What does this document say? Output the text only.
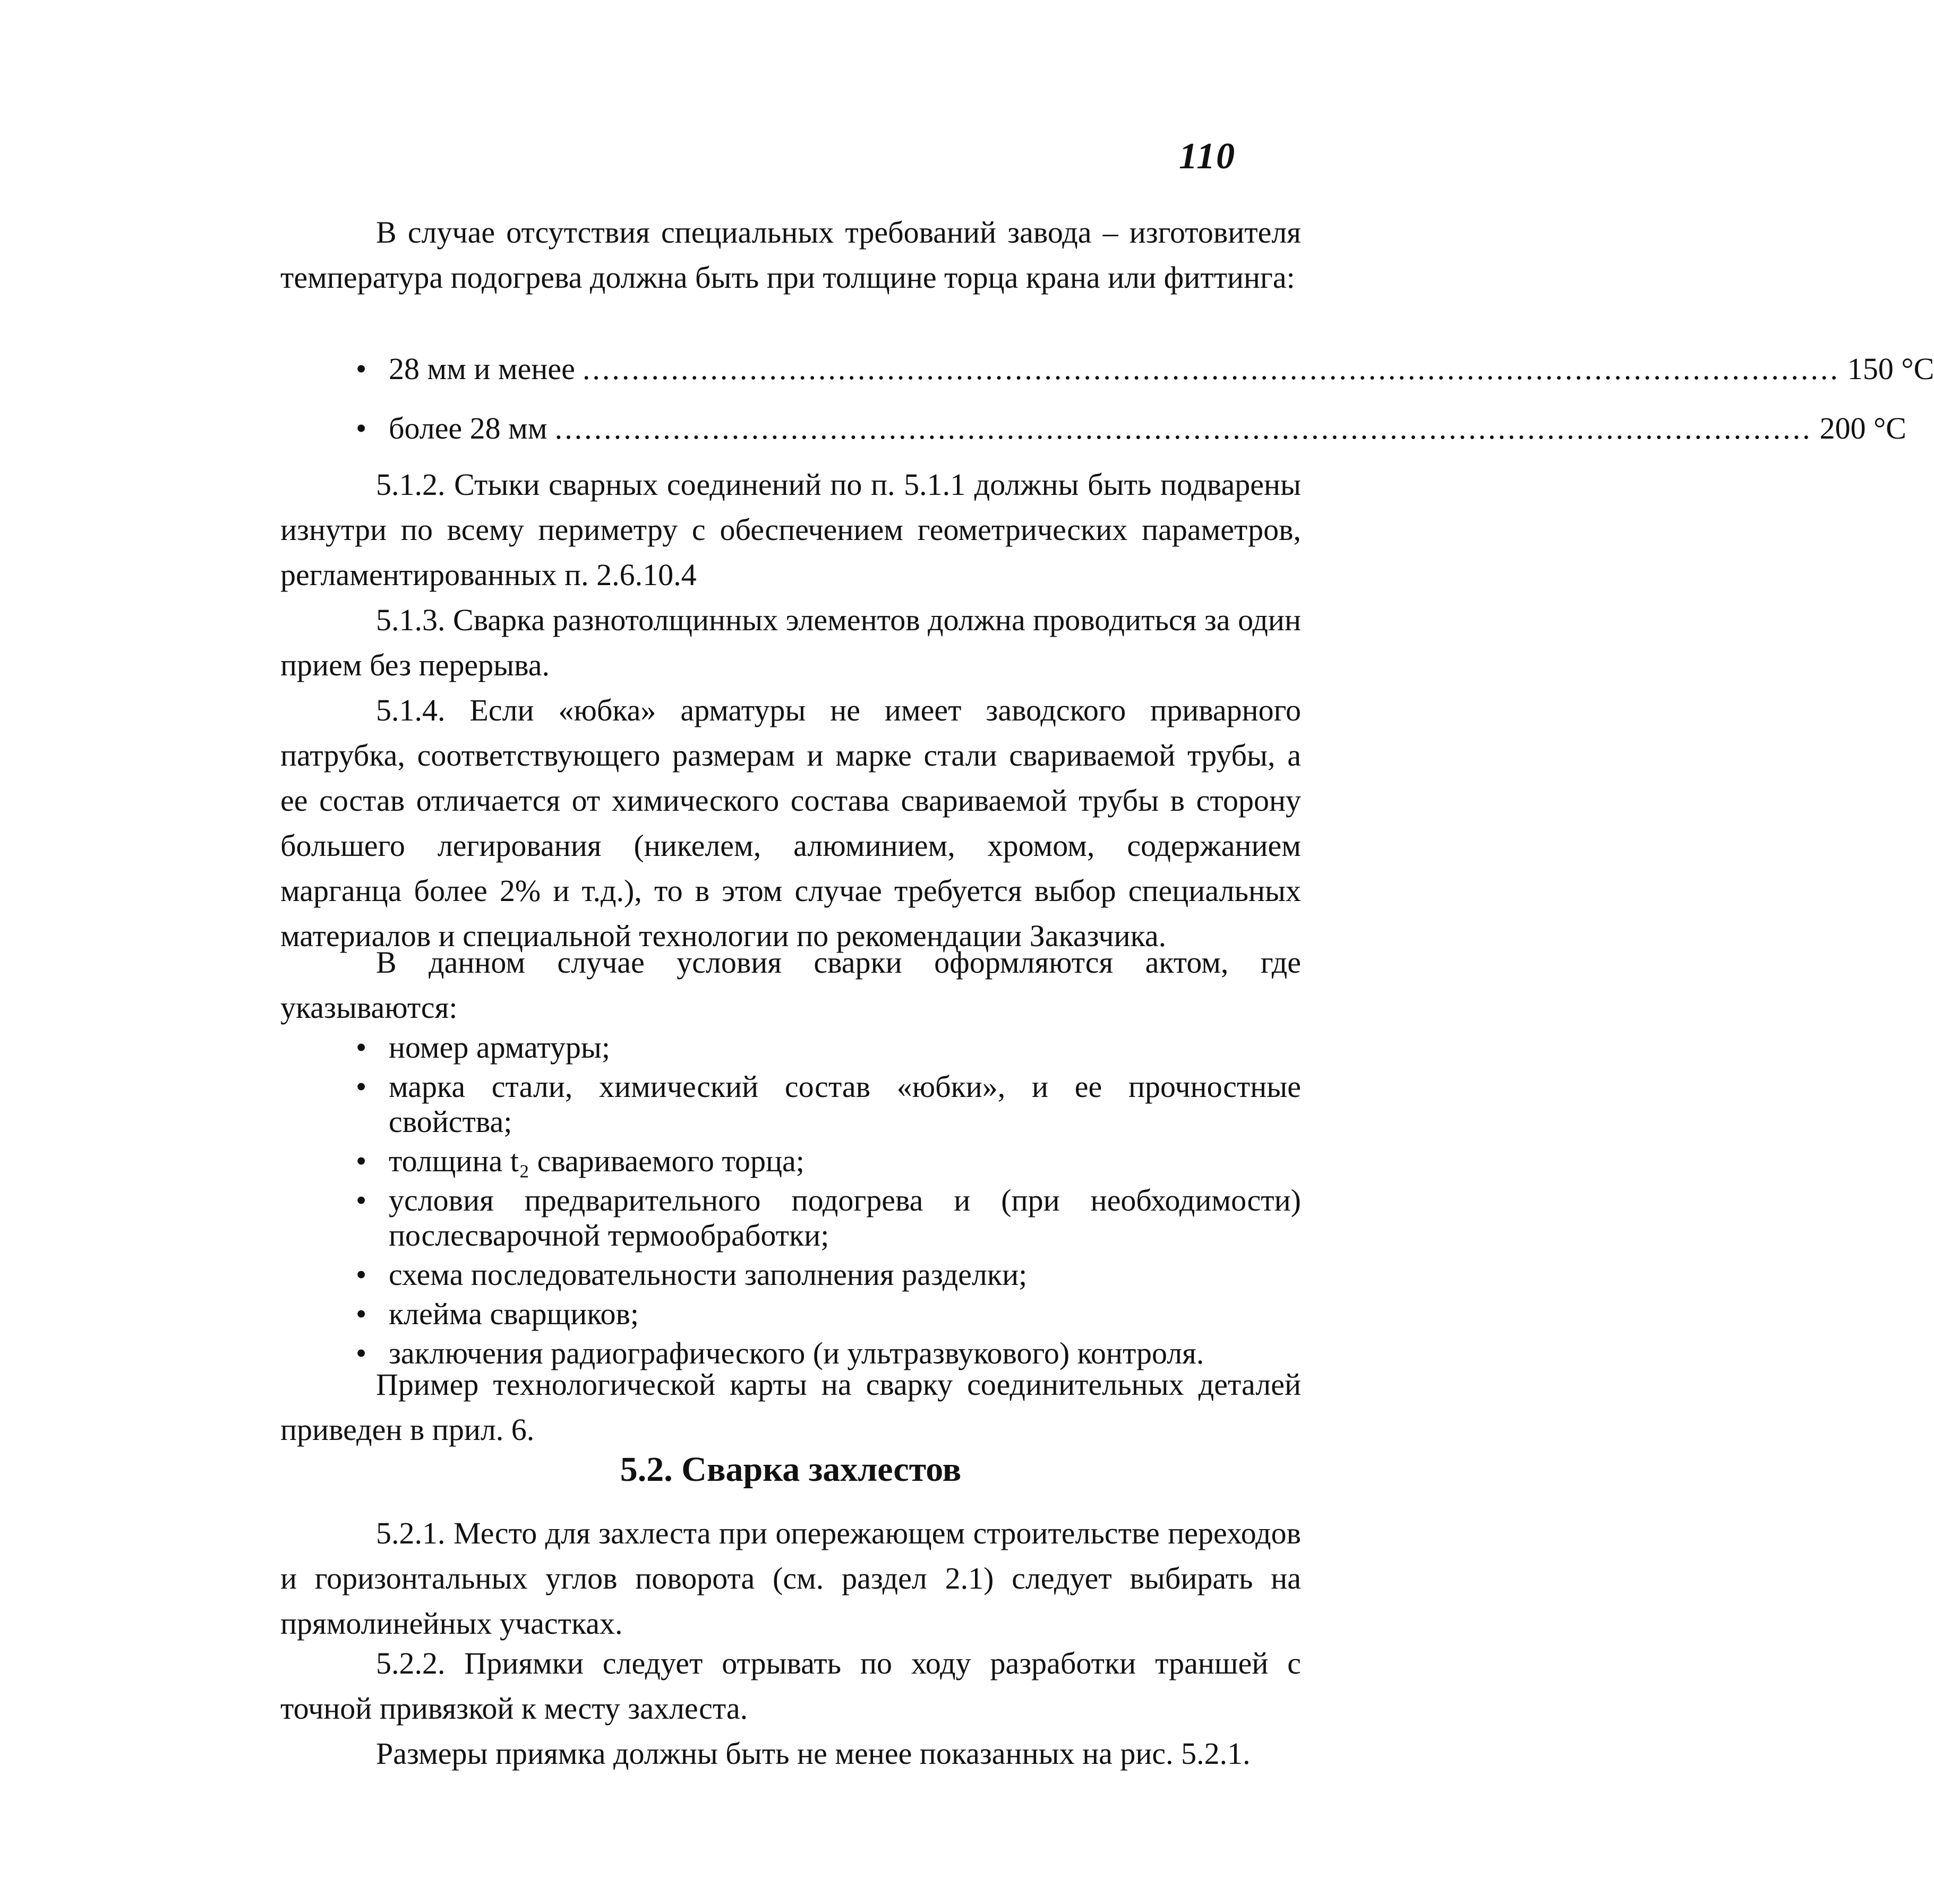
110

В случае отсутствия специальных требований завода – изготовителя температура подогрева должна быть при толщине торца крана или фиттинга:

• 28 мм и менее ................................................................................................................................ 150 °C
• более 28 мм ................................................................................................................................ 200 °C

5.1.2. Стыки сварных соединений по п. 5.1.1 должны быть подварены изнутри по всему периметру с обеспечением геометрических параметров, регламентированных п. 2.6.10.4

5.1.3. Сварка разнотолщинных элементов должна проводиться за один прием без перерыва.

5.1.4. Если «юбка» арматуры не имеет заводского приварного патрубка, соответствующего размерам и марке стали свариваемой трубы, а ее состав отличается от химического состава свариваемой трубы в сторону большего легирования (никелем, алюминием, хромом, содержанием марганца более 2% и т.д.), то в этом случае требуется выбор специальных материалов и специальной технологии по рекомендации Заказчика.

В данном случае условия сварки оформляются актом, где указываются:

• номер арматуры;
• марка стали, химический состав «юбки», и ее прочностные свойства;
• толщина t₂ свариваемого торца;
• условия предварительного подогрева и (при необходимости) послесварочной термообработки;
• схема последовательности заполнения разделки;
• клейма сварщиков;
• заключения радиографического (и ультразвукового) контроля.

Пример технологической карты на сварку соединительных деталей приведен в прил. 6.

5.2. Сварка захлестов

5.2.1. Место для захлеста при опережающем строительстве переходов и горизонтальных углов поворота (см. раздел 2.1) следует выбирать на прямолинейных участках.

5.2.2. Приямки следует отрывать по ходу разработки траншей с точной привязкой к месту захлеста.

Размеры приямка должны быть не менее показанных на рис. 5.2.1.
